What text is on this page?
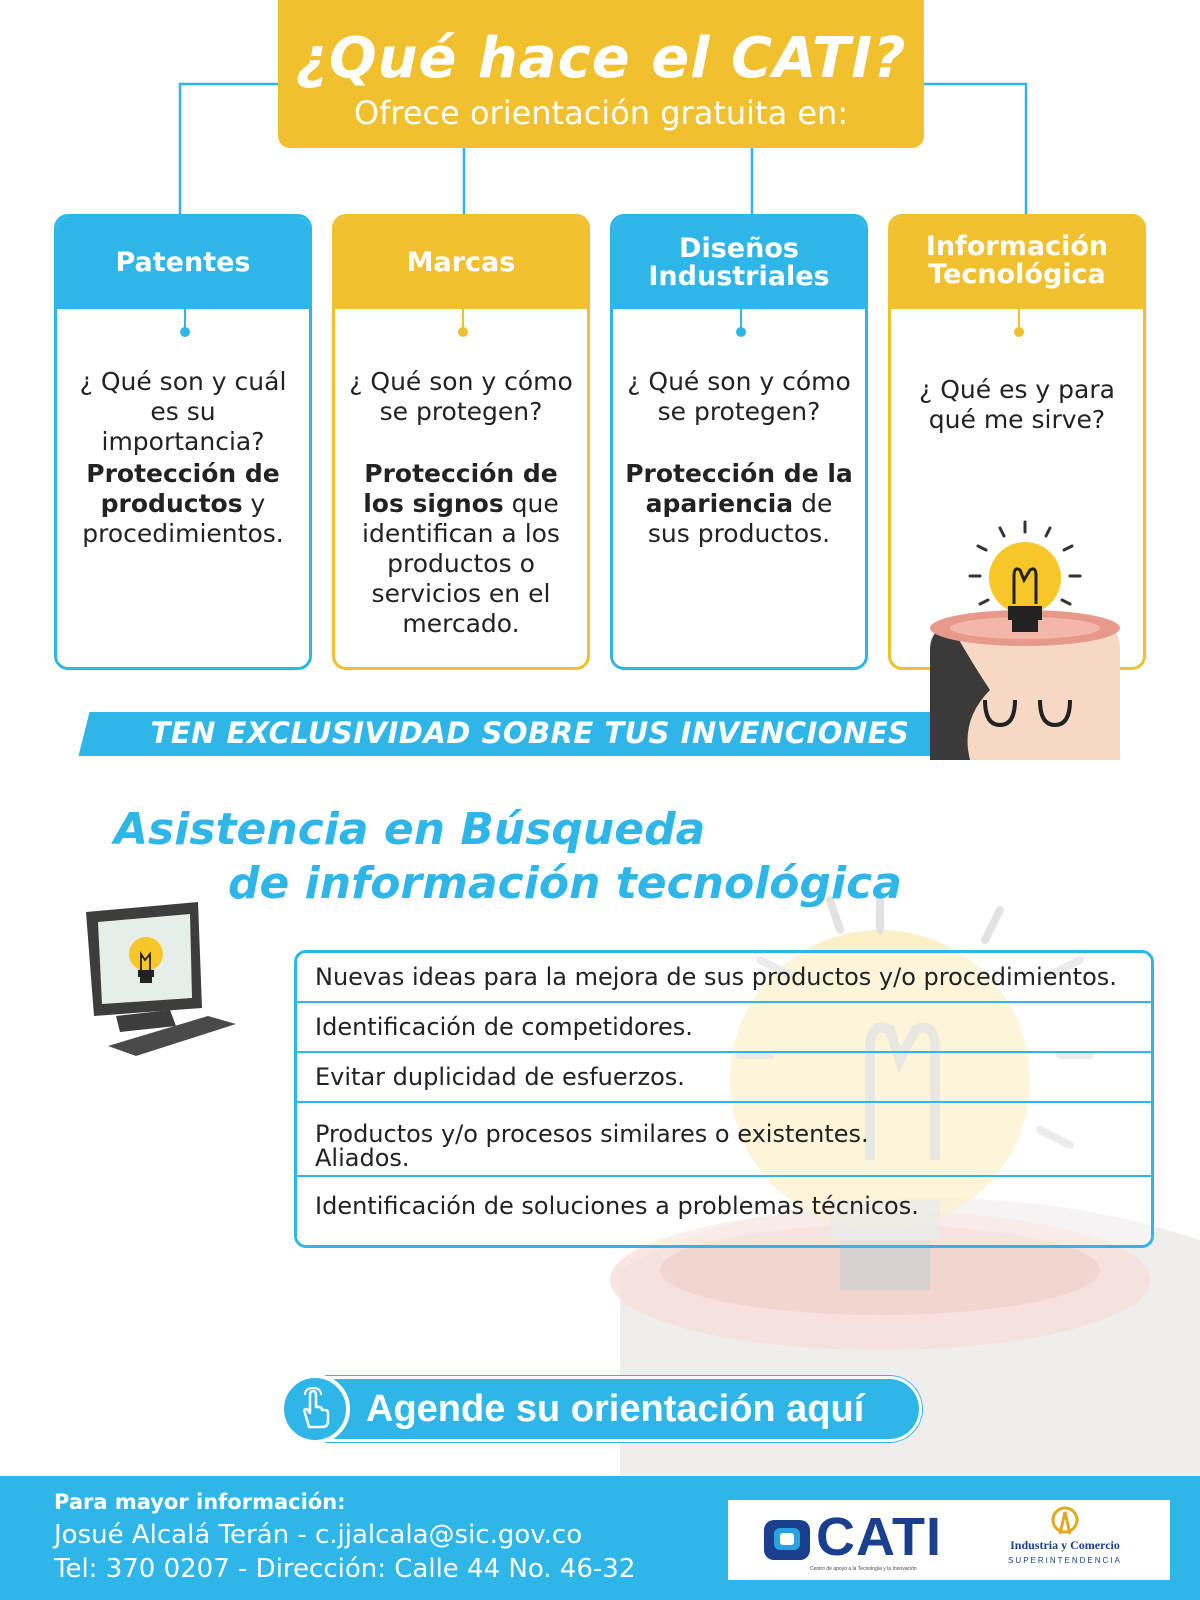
¿Qué hace el CATI?
Ofrece orientación gratuita en:
Patentes
¿ Qué son y cuál es su importancia?
Protección de productos y procedimientos.
Marcas
¿ Qué son y cómo se protegen?
Protección de los signos que identifican a los productos o servicios en el mercado.
Diseños Industriales
¿ Qué son y cómo se protegen?
Protección de la apariencia de sus productos.
Información Tecnológica
¿ Qué es y para qué me sirve?
TEN EXCLUSIVIDAD SOBRE TUS INVENCIONES
Asistencia en Búsqueda
de información tecnológica
Nuevas ideas para la mejora de sus productos y/o procedimientos.
Identificación de competidores.
Evitar duplicidad de esfuerzos.
Productos y/o procesos similares o existentes.
Aliados.
Identificación de soluciones a problemas técnicos.
Agende su orientación aquí
Para mayor información:
Josué Alcalá Terán - c.jjalcala@sic.gov.co
Tel: 370 0207 - Dirección: Calle 44 No. 46-32
CATI
Centro de apoyo a la Tecnología y la Innovación
Industria y Comercio
SUPERINTENDENCIA
